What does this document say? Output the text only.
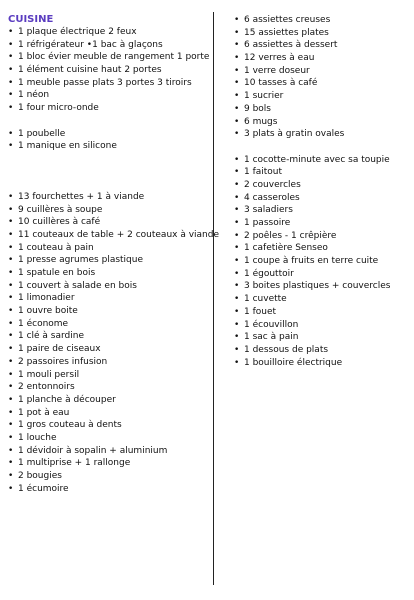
CUISINE
• 1 plaque électrique 2 feux
• 1 réfrigérateur •1 bac à glaçons
• 1 bloc évier meuble de rangement 1 porte
• 1 élément cuisine haut 2 portes
• 1 meuble passe plats 3 portes 3 tiroirs
• 1 néon
• 1 four micro-onde
• 1 poubelle
• 1 manique en silicone
• 13 fourchettes + 1 à viande
• 9 cuillères à soupe
• 10 cuillères à café
• 11 couteaux de table + 2 couteaux à viande
• 1 couteau à pain
• 1 presse agrumes plastique
• 1 spatule en bois
• 1 couvert à salade en bois
• 1 limonadier
• 1 ouvre boite
• 1 économe
• 1 clé à sardine
• 1 paire de ciseaux
• 2 passoires infusion
• 1 mouli persil
• 2 entonnoirs
• 1 planche à découper
• 1 pot à eau
• 1 gros couteau à dents
• 1 louche
• 1 dévidoir à sopalin + aluminium
• 1 multiprise + 1 rallonge
• 2 bougies
• 1 écumoire
• 6 assiettes creuses
• 15 assiettes plates
• 6 assiettes à dessert
• 12 verres à eau
• 1 verre doseur
• 10 tasses à café
• 1 sucrier
• 9 bols
• 6 mugs
• 3 plats à gratin ovales
• 1 cocotte-minute avec sa toupie
• 1 faitout
• 2 couvercles
• 4 casseroles
• 3 saladiers
• 1 passoire
• 2 poêles - 1 crêpière
• 1 cafetière Senseo
• 1 coupe à fruits en terre cuite
• 1 égouttoir
• 3 boites plastiques + couvercles
• 1 cuvette
• 1 fouet
• 1 écouvillon
• 1 sac à pain
• 1 dessous de plats
• 1 bouilloire électrique
